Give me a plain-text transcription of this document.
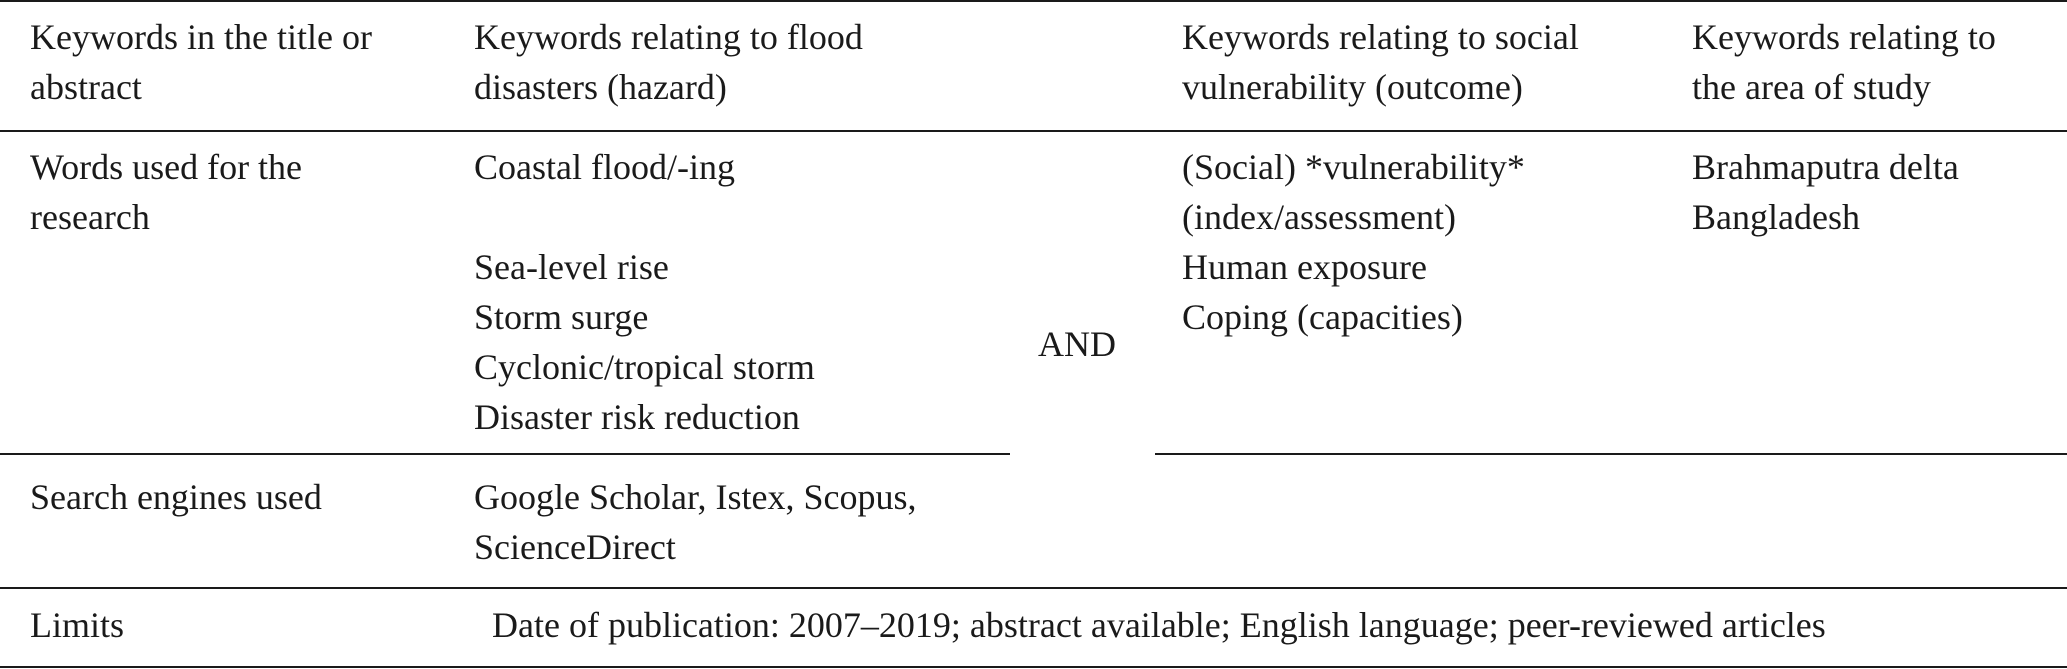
Keywords in the title or
abstract
Keywords relating to flood
disasters (hazard)
Keywords relating to social
vulnerability (outcome)
Keywords relating to
the area of study
Words used for the
research
Coastal flood/-ing
Sea-level rise
Storm surge
Cyclonic/tropical storm
Disaster risk reduction
AND
(Social) *vulnerability*
(index/assessment)
Human exposure
Coping (capacities)
Brahmaputra delta
Bangladesh
Search engines used	Google Scholar, Istex, Scopus,
ScienceDirect
Limits	Date of publication: 2007–2019; abstract available; English language; peer-reviewed articles
